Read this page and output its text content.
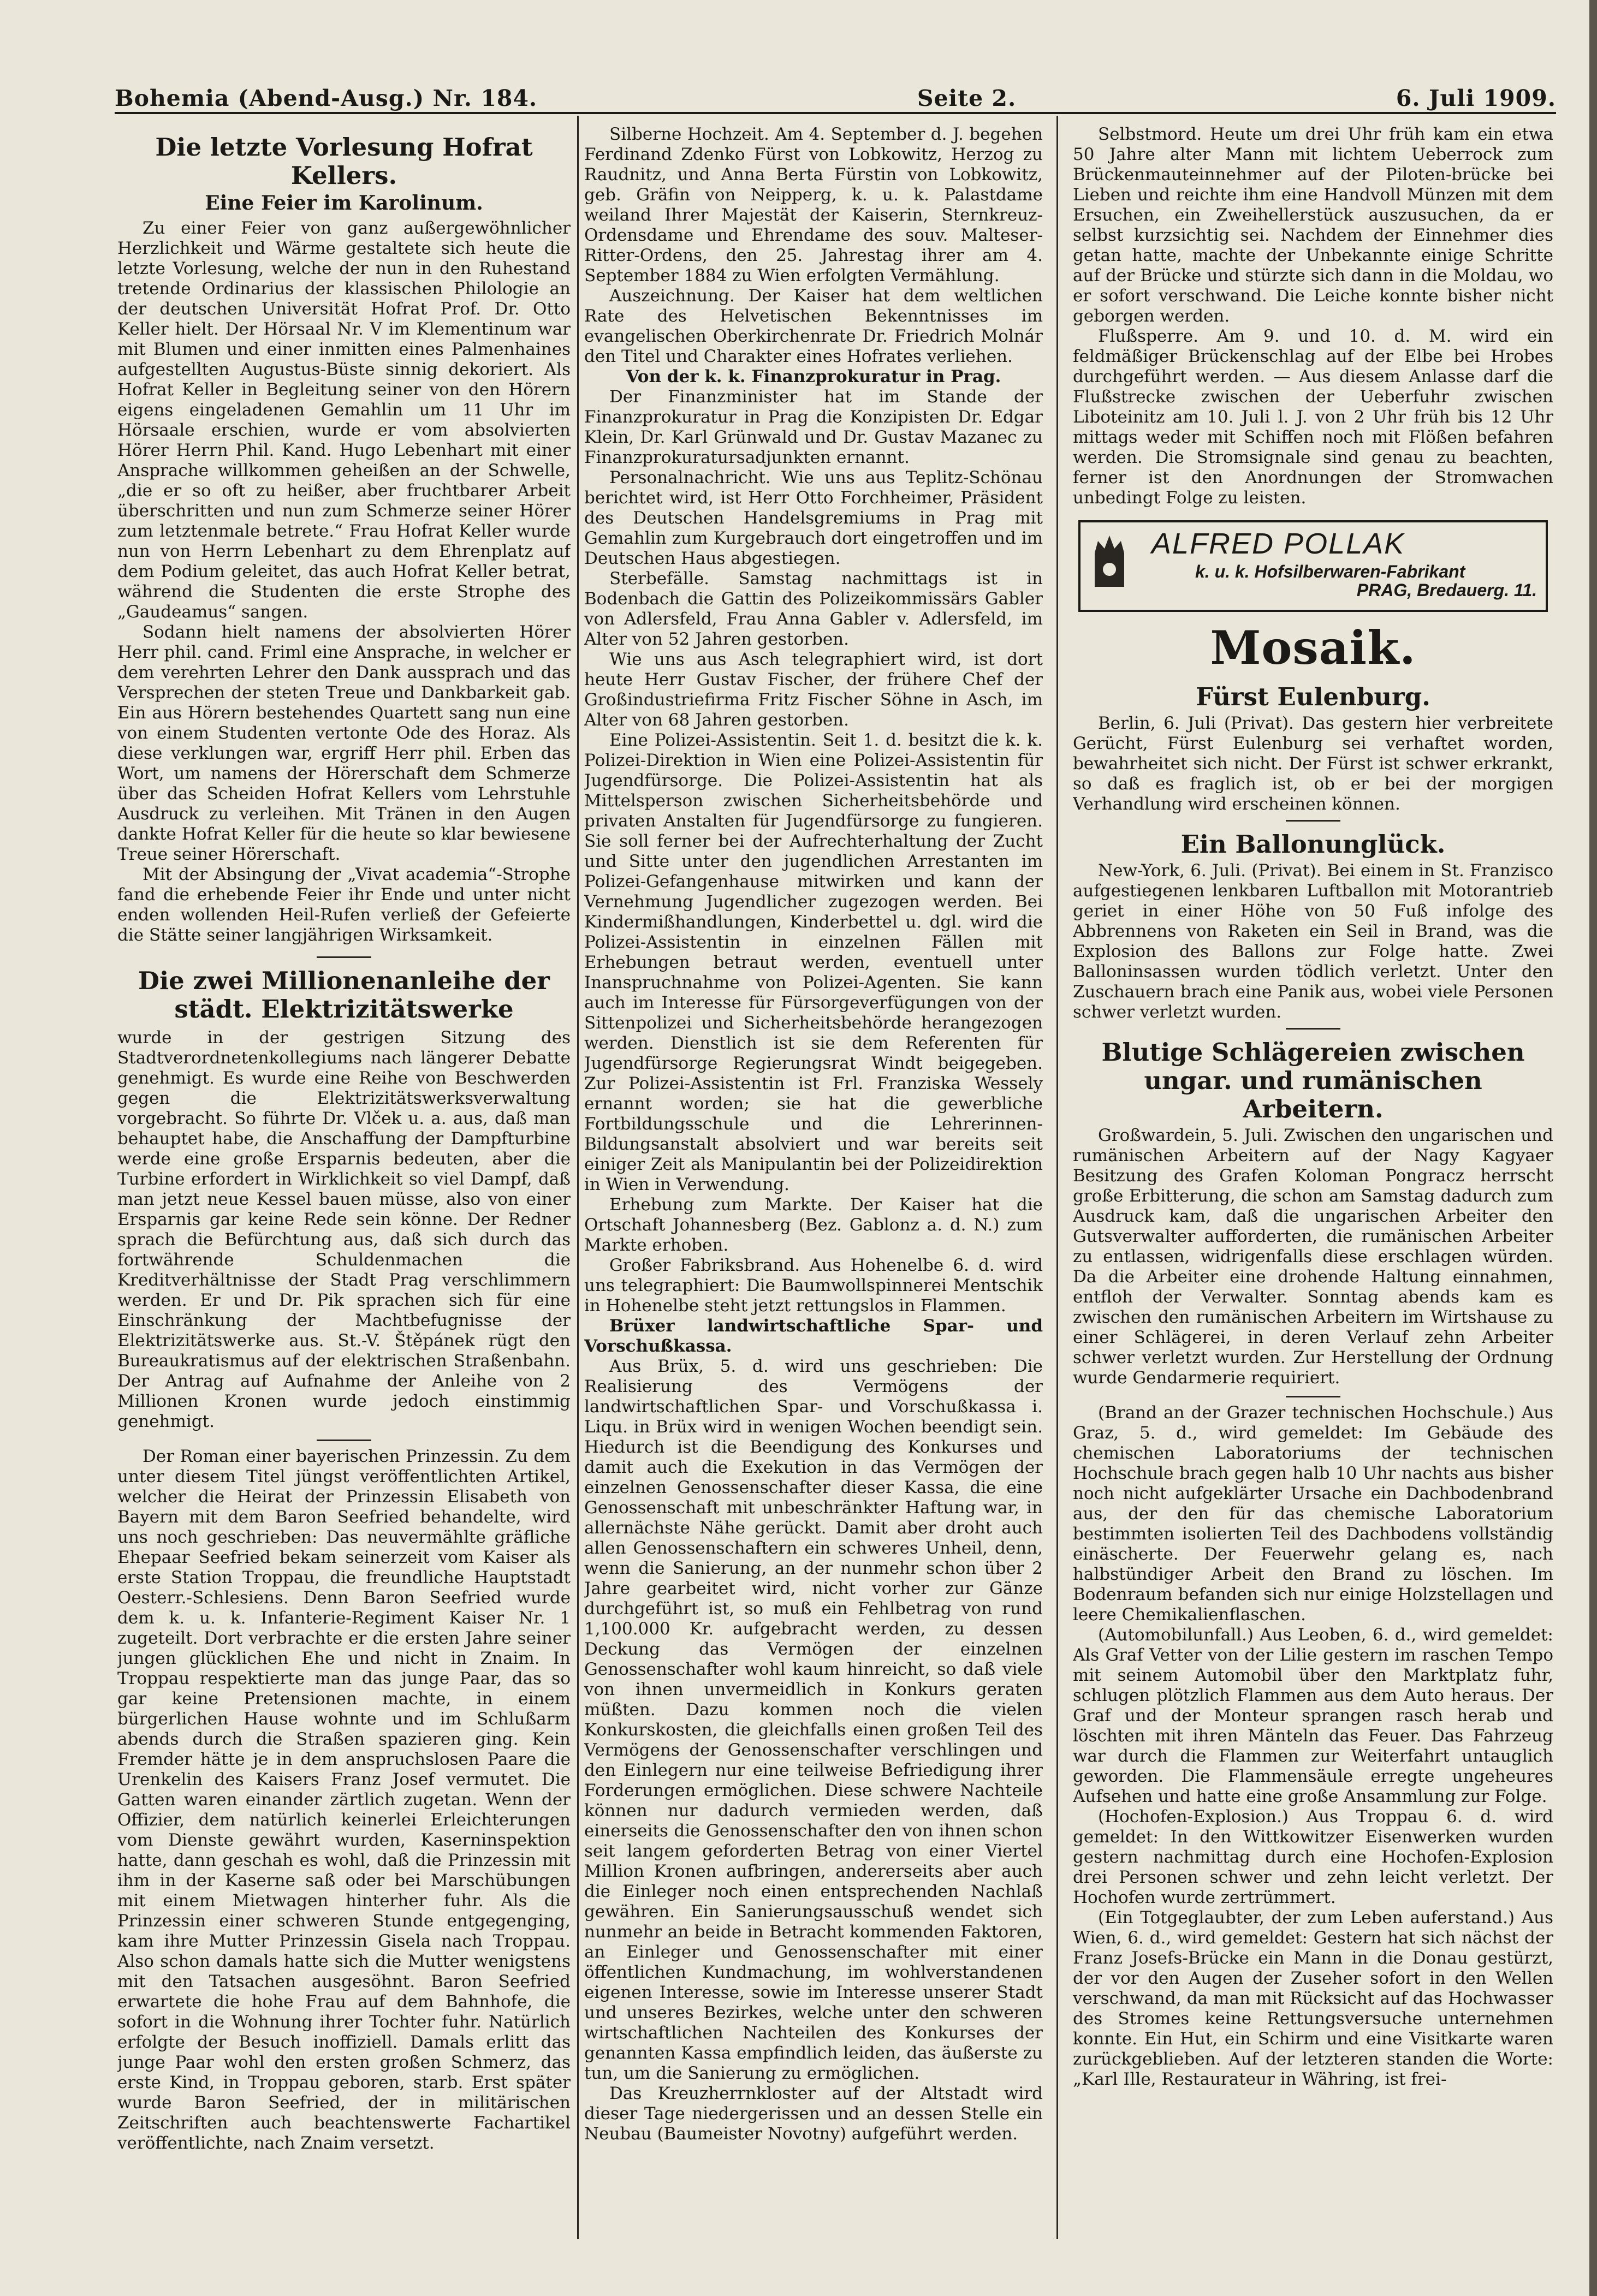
Bohemia (Abend-Ausg.) Nr. 184.	Seite 2.	6. Juli 1909.
Die letzte Vorlesung Hofrat Kellers.
Eine Feier im Karolinum.

Zu einer Feier von ganz außergewöhnlicher Herzlichkeit und Wärme gestaltete sich heute die letzte Vorlesung, welche der nun in den Ruhestand tretende Ordinarius der klassischen Philologie an der deutschen Universität Hofrat Prof. Dr. Otto Keller hielt. Der Hörsaal Nr. V im Klementinum war mit Blumen und einer inmitten eines Palmenhaines aufgestellten Augustus-Büste sinnig dekoriert. Als Hofrat Keller in Begleitung seiner von den Hörern eigens eingeladenen Gemahlin um 11 Uhr im Hörsaale erschien, wurde er vom absolvierten Hörer Herrn Phil. Kand. Hugo Lebenhart mit einer Ansprache willkommen geheißen an der Schwelle, „die er so oft zu heißer, aber fruchtbarer Arbeit überschritten und nun zum Schmerze seiner Hörer zum letztenmale betrete.“ Frau Hofrat Keller wurde nun von Herrn Lebenhart zu dem Ehrenplatz auf dem Podium geleitet, das auch Hofrat Keller betrat, während die Studenten die erste Strophe des „Gaudeamus“ sangen.

Sodann hielt namens der absolvierten Hörer Herr phil. cand. Friml eine Ansprache, in welcher er dem verehrten Lehrer den Dank aussprach und das Versprechen der steten Treue und Dankbarkeit gab. Ein aus Hörern bestehendes Quartett sang nun eine von einem Studenten vertonte Ode des Horaz. Als diese verklungen war, ergriff Herr phil. Erben das Wort, um namens der Hörerschaft dem Schmerze über das Scheiden Hofrat Kellers vom Lehrstuhle Ausdruck zu verleihen. Mit Tränen in den Augen dankte Hofrat Keller für die heute so klar bewiesene Treue seiner Hörerschaft.

Mit der Absingung der „Vivat academia“-Strophe fand die erhebende Feier ihr Ende und unter nicht enden wollenden Heil-Rufen verließ der Gefeierte die Stätte seiner langjährigen Wirksamkeit.

Die zwei Millionenanleihe der städt. Elektrizitätswerke

wurde in der gestrigen Sitzung des Stadtverordnetenkollegiums nach längerer Debatte genehmigt. Es wurde eine Reihe von Beschwerden gegen die Elektrizitätswerksverwaltung vorgebracht. So führte Dr. Vlček u. a. aus, daß man behauptet habe, die Anschaffung der Dampfturbine werde eine große Ersparnis bedeuten, aber die Turbine erfordert in Wirklichkeit so viel Dampf, daß man jetzt neue Kessel bauen müsse, also von einer Ersparnis gar keine Rede sein könne. Der Redner sprach die Befürchtung aus, daß sich durch das fortwährende Schuldenmachen die Kreditverhältnisse der Stadt Prag verschlimmern werden. Er und Dr. Pik sprachen sich für eine Einschränkung der Machtbefugnisse der Elektrizitätswerke aus. St.-V. Štěpánek rügt den Bureaukratismus auf der elektrischen Straßenbahn. Der Antrag auf Aufnahme der Anleihe von 2 Millionen Kronen wurde jedoch einstimmig genehmigt.

Der Roman einer bayerischen Prinzessin. Zu dem unter diesem Titel jüngst veröffentlichten Artikel, welcher die Heirat der Prinzessin Elisabeth von Bayern mit dem Baron Seefried behandelte, wird uns noch geschrieben: Das neuvermählte gräfliche Ehepaar Seefried bekam seinerzeit vom Kaiser als erste Station Troppau, die freundliche Hauptstadt Oesterr.-Schlesiens. Denn Baron Seefried wurde dem k. u. k. Infanterie-Regiment Kaiser Nr. 1 zugeteilt. Dort verbrachte er die ersten Jahre seiner jungen glücklichen Ehe und nicht in Znaim. In Troppau respektierte man das junge Paar, das so gar keine Pretensionen machte, in einem bürgerlichen Hause wohnte und im Schlußarm abends durch die Straßen spazieren ging. Kein Fremder hätte je in dem anspruchslosen Paare die Urenkelin des Kaisers Franz Josef vermutet. Die Gatten waren einander zärtlich zugetan. Wenn der Offizier, dem natürlich keinerlei Erleichterungen vom Dienste gewährt wurden, Kaserninspektion hatte, dann geschah es wohl, daß die Prinzessin mit ihm in der Kaserne saß oder bei Marschübungen mit einem Mietwagen hinterher fuhr. Als die Prinzessin einer schweren Stunde entgegenging, kam ihre Mutter Prinzessin Gisela nach Troppau. Also schon damals hatte sich die Mutter wenigstens mit den Tatsachen ausgesöhnt. Baron Seefried erwartete die hohe Frau auf dem Bahnhofe, die sofort in die Wohnung ihrer Tochter fuhr. Natürlich erfolgte der Besuch inoffiziell. Damals erlitt das junge Paar wohl den ersten großen Schmerz, das erste Kind, in Troppau geboren, starb. Erst später wurde Baron Seefried, der in militärischen Zeitschriften auch beachtenswerte Fachartikel veröffentlichte, nach Znaim versetzt.

Silberne Hochzeit. Am 4. September d. J. begehen Ferdinand Zdenko Fürst von Lobkowitz, Herzog zu Raudnitz, und Anna Berta Fürstin von Lobkowitz, geb. Gräfin von Neipperg, k. u. k. Palastdame weiland Ihrer Majestät der Kaiserin, Sternkreuz-Ordensdame und Ehrendame des souv. Malteser-Ritter-Ordens, den 25. Jahrestag ihrer am 4. September 1884 zu Wien erfolgten Vermählung.

Auszeichnung. Der Kaiser hat dem weltlichen Rate des Helvetischen Bekenntnisses im evangelischen Oberkirchenrate Dr. Friedrich Molnár den Titel und Charakter eines Hofrates verliehen.

Von der k. k. Finanzprokuratur in Prag.

Der Finanzminister hat im Stande der Finanzprokuratur in Prag die Konzipisten Dr. Edgar Klein, Dr. Karl Grünwald und Dr. Gustav Mazanec zu Finanzprokuratursadjunkten ernannt.

Personalnachricht. Wie uns aus Teplitz-Schönau berichtet wird, ist Herr Otto Forchheimer, Präsident des Deutschen Handelsgremiums in Prag mit Gemahlin zum Kurgebrauch dort eingetroffen und im Deutschen Haus abgestiegen.

Sterbefälle. Samstag nachmittags ist in Bodenbach die Gattin des Polizeikommissärs Gabler von Adlersfeld, Frau Anna Gabler v. Adlersfeld, im Alter von 52 Jahren gestorben.

Wie uns aus Asch telegraphiert wird, ist dort heute Herr Gustav Fischer, der frühere Chef der Großindustriefirma Fritz Fischer Söhne in Asch, im Alter von 68 Jahren gestorben.

Eine Polizei-Assistentin. Seit 1. d. besitzt die k. k. Polizei-Direktion in Wien eine Polizei-Assistentin für Jugendfürsorge. Die Polizei-Assistentin hat als Mittelsperson zwischen Sicherheitsbehörde und privaten Anstalten für Jugendfürsorge zu fungieren. Sie soll ferner bei der Aufrechterhaltung der Zucht und Sitte unter den jugendlichen Arrestanten im Polizei-Gefangenhause mitwirken und kann der Vernehmung Jugendlicher zugezogen werden. Bei Kindermißhandlungen, Kinderbettel u. dgl. wird die Polizei-Assistentin in einzelnen Fällen mit Erhebungen betraut werden, eventuell unter Inanspruchnahme von Polizei-Agenten. Sie kann auch im Interesse für Fürsorgeverfügungen von der Sittenpolizei und Sicherheitsbehörde herangezogen werden. Dienstlich ist sie dem Referenten für Jugendfürsorge Regierungsrat Windt beigegeben. Zur Polizei-Assistentin ist Frl. Franziska Wessely ernannt worden; sie hat die gewerbliche Fortbildungsschule und die Lehrerinnen-Bildungsanstalt absolviert und war bereits seit einiger Zeit als Manipulantin bei der Polizeidirektion in Wien in Verwendung.

Erhebung zum Markte. Der Kaiser hat die Ortschaft Johannesberg (Bez. Gablonz a. d. N.) zum Markte erhoben.

Großer Fabriksbrand. Aus Hohenelbe 6. d. wird uns telegraphiert: Die Baumwollspinnerei Mentschik in Hohenelbe steht jetzt rettungslos in Flammen.

Brüxer landwirtschaftliche Spar- und Vorschußkassa.

Aus Brüx, 5. d. wird uns geschrieben: Die Realisierung des Vermögens der landwirtschaftlichen Spar- und Vorschußkassa i. Liqu. in Brüx wird in wenigen Wochen beendigt sein. Hiedurch ist die Beendigung des Konkurses und damit auch die Exekution in das Vermögen der einzelnen Genossenschafter dieser Kassa, die eine Genossenschaft mit unbeschränkter Haftung war, in allernächste Nähe gerückt. Damit aber droht auch allen Genossenschaftern ein schweres Unheil, denn, wenn die Sanierung, an der nunmehr schon über 2 Jahre gearbeitet wird, nicht vorher zur Gänze durchgeführt ist, so muß ein Fehlbetrag von rund 1,100.000 Kr. aufgebracht werden, zu dessen Deckung das Vermögen der einzelnen Genossenschafter wohl kaum hinreicht, so daß viele von ihnen unvermeidlich in Konkurs geraten müßten. Dazu kommen noch die vielen Konkurskosten, die gleichfalls einen großen Teil des Vermögens der Genossenschafter verschlingen und den Einlegern nur eine teilweise Befriedigung ihrer Forderungen ermöglichen. Diese schwere Nachteile können nur dadurch vermieden werden, daß einerseits die Genossenschafter den von ihnen schon seit langem geforderten Betrag von einer Viertel Million Kronen aufbringen, andererseits aber auch die Einleger noch einen entsprechenden Nachlaß gewähren. Ein Sanierungsausschuß wendet sich nunmehr an beide in Betracht kommenden Faktoren, an Einleger und Genossenschafter mit einer öffentlichen Kundmachung, im wohlverstandenen eigenen Interesse, sowie im Interesse unserer Stadt und unseres Bezirkes, welche unter den schweren wirtschaftlichen Nachteilen des Konkurses der genannten Kassa empfindlich leiden, das äußerste zu tun, um die Sanierung zu ermöglichen.

Das Kreuzherrnkloster auf der Altstadt wird dieser Tage niedergerissen und an dessen Stelle ein Neubau (Baumeister Novotny) aufgeführt werden.

Selbstmord. Heute um drei Uhr früh kam ein etwa 50 Jahre alter Mann mit lichtem Ueberrock zum Brückenmauteinnehmer auf der Piloten-brücke bei Lieben und reichte ihm eine Handvoll Münzen mit dem Ersuchen, ein Zweihellerstück auszusuchen, da er selbst kurzsichtig sei. Nachdem der Einnehmer dies getan hatte, machte der Unbekannte einige Schritte auf der Brücke und stürzte sich dann in die Moldau, wo er sofort verschwand. Die Leiche konnte bisher nicht geborgen werden.

Flußsperre. Am 9. und 10. d. M. wird ein feldmäßiger Brückenschlag auf der Elbe bei Hrobes durchgeführt werden. — Aus diesem Anlasse darf die Flußstrecke zwischen der Ueberfuhr zwischen Liboteinitz am 10. Juli l. J. von 2 Uhr früh bis 12 Uhr mittags weder mit Schiffen noch mit Flößen befahren werden. Die Stromsignale sind genau zu beachten, ferner ist den Anordnungen der Stromwachen unbedingt Folge zu leisten.

ALFRED POLLAK
k. u. k. Hofsilberwaren-Fabrikant
PRAG, Bredauerg. 11.
Mosaik.
Fürst Eulenburg.

Berlin, 6. Juli (Privat). Das gestern hier verbreitete Gerücht, Fürst Eulenburg sei verhaftet worden, bewahrheitet sich nicht. Der Fürst ist schwer erkrankt, so daß es fraglich ist, ob er bei der morgigen Verhandlung wird erscheinen können.

Ein Ballonunglück.

New-York, 6. Juli. (Privat). Bei einem in St. Franzisco aufgestiegenen lenkbaren Luftballon mit Motorantrieb geriet in einer Höhe von 50 Fuß infolge des Abbrennens von Raketen ein Seil in Brand, was die Explosion des Ballons zur Folge hatte. Zwei Balloninsassen wurden tödlich verletzt. Unter den Zuschauern brach eine Panik aus, wobei viele Personen schwer verletzt wurden.

Blutige Schlägereien zwischen ungar. und rumänischen Arbeitern.

Großwardein, 5. Juli. Zwischen den ungarischen und rumänischen Arbeitern auf der Nagy Kagyaer Besitzung des Grafen Koloman Pongracz herrscht große Erbitterung, die schon am Samstag dadurch zum Ausdruck kam, daß die ungarischen Arbeiter den Gutsverwalter aufforderten, die rumänischen Arbeiter zu entlassen, widrigenfalls diese erschlagen würden. Da die Arbeiter eine drohende Haltung einnahmen, entfloh der Verwalter. Sonntag abends kam es zwischen den rumänischen Arbeitern im Wirtshause zu einer Schlägerei, in deren Verlauf zehn Arbeiter schwer verletzt wurden. Zur Herstellung der Ordnung wurde Gendarmerie requiriert.

(Brand an der Grazer technischen Hochschule.) Aus Graz, 5. d., wird gemeldet: Im Gebäude des chemischen Laboratoriums der technischen Hochschule brach gegen halb 10 Uhr nachts aus bisher noch nicht aufgeklärter Ursache ein Dachbodenbrand aus, der den für das chemische Laboratorium bestimmten isolierten Teil des Dachbodens vollständig einäscherte. Der Feuerwehr gelang es, nach halbstündiger Arbeit den Brand zu löschen. Im Bodenraum befanden sich nur einige Holzstellagen und leere Chemikalienflaschen.

(Automobilunfall.) Aus Leoben, 6. d., wird gemeldet: Als Graf Vetter von der Lilie gestern im raschen Tempo mit seinem Automobil über den Marktplatz fuhr, schlugen plötzlich Flammen aus dem Auto heraus. Der Graf und der Monteur sprangen rasch herab und löschten mit ihren Mänteln das Feuer. Das Fahrzeug war durch die Flammen zur Weiterfahrt untauglich geworden. Die Flammensäule erregte ungeheures Aufsehen und hatte eine große Ansammlung zur Folge.

(Hochofen-Explosion.) Aus Troppau 6. d. wird gemeldet: In den Wittkowitzer Eisenwerken wurden gestern nachmittag durch eine Hochofen-Explosion drei Personen schwer und zehn leicht verletzt. Der Hochofen wurde zertrümmert.

(Ein Totgeglaubter, der zum Leben auferstand.) Aus Wien, 6. d., wird gemeldet: Gestern hat sich nächst der Franz Josefs-Brücke ein Mann in die Donau gestürzt, der vor den Augen der Zuseher sofort in den Wellen verschwand, da man mit Rücksicht auf das Hochwasser des Stromes keine Rettungsversuche unternehmen konnte. Ein Hut, ein Schirm und eine Visitkarte waren zurückgeblieben. Auf der letzteren standen die Worte: „Karl Ille, Restaurateur in Währing, ist frei-
